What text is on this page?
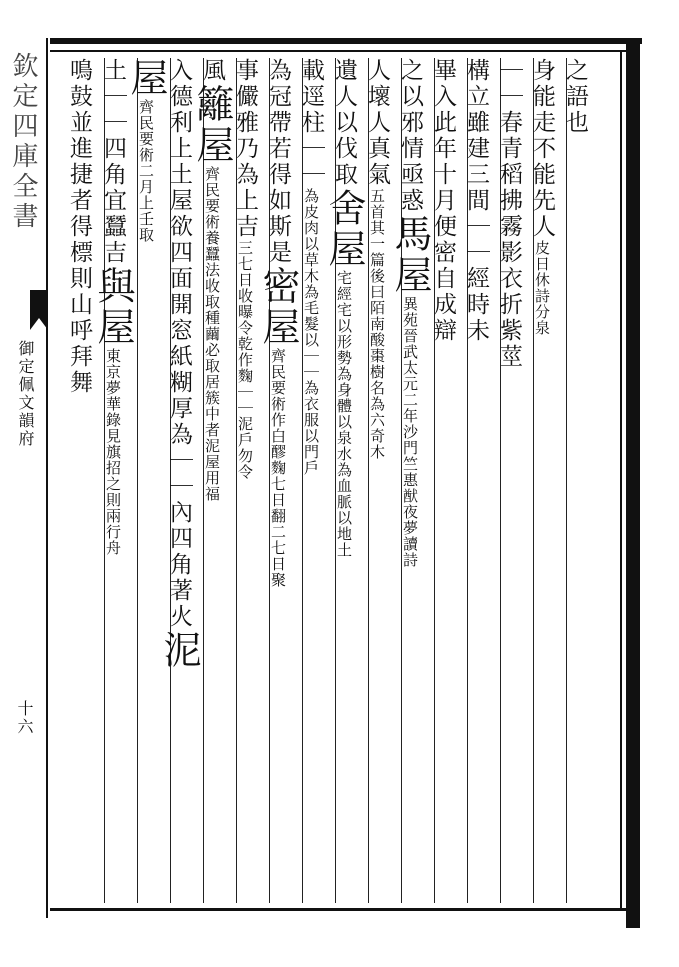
欽定四庫全書
御定佩文韻府
十六
之語也
身能走不能先人皮日休詩分泉
｜｜春青稻拂霧影衣折紫莖
構立雖建三間｜｜經時未
畢入此年十月便密自成辯
之以邪情亟惑馬屋異苑晉武太元二年沙門竺惠猷夜夢讀詩
人壞人真氣五首其一篇後曰陌南酸棗樹名為六奇木
遺人以伐取舍屋宅經宅以形勢為身體以泉水為血脈以地土
載逕柱｜｜為皮肉以草木為毛髮以｜｜為衣服以門戶
為冠帶若得如斯是密屋齊民要術作白醪麴七日翻二七日聚
事儼雅乃為上吉三七日收曝令乾作麴｜｜泥戶勿令
風籬屋齊民要術養蠶法收取種繭必取居簇中者泥屋用福
入德利上土屋欲四面開窓紙糊厚為｜｜內四角著火泥
屋齊民要術二月上壬取
土｜｜四角宜蠶吉與屋東京夢華錄見旗招之則兩行舟
鳴鼓並進捷者得標則山呼拜舞
